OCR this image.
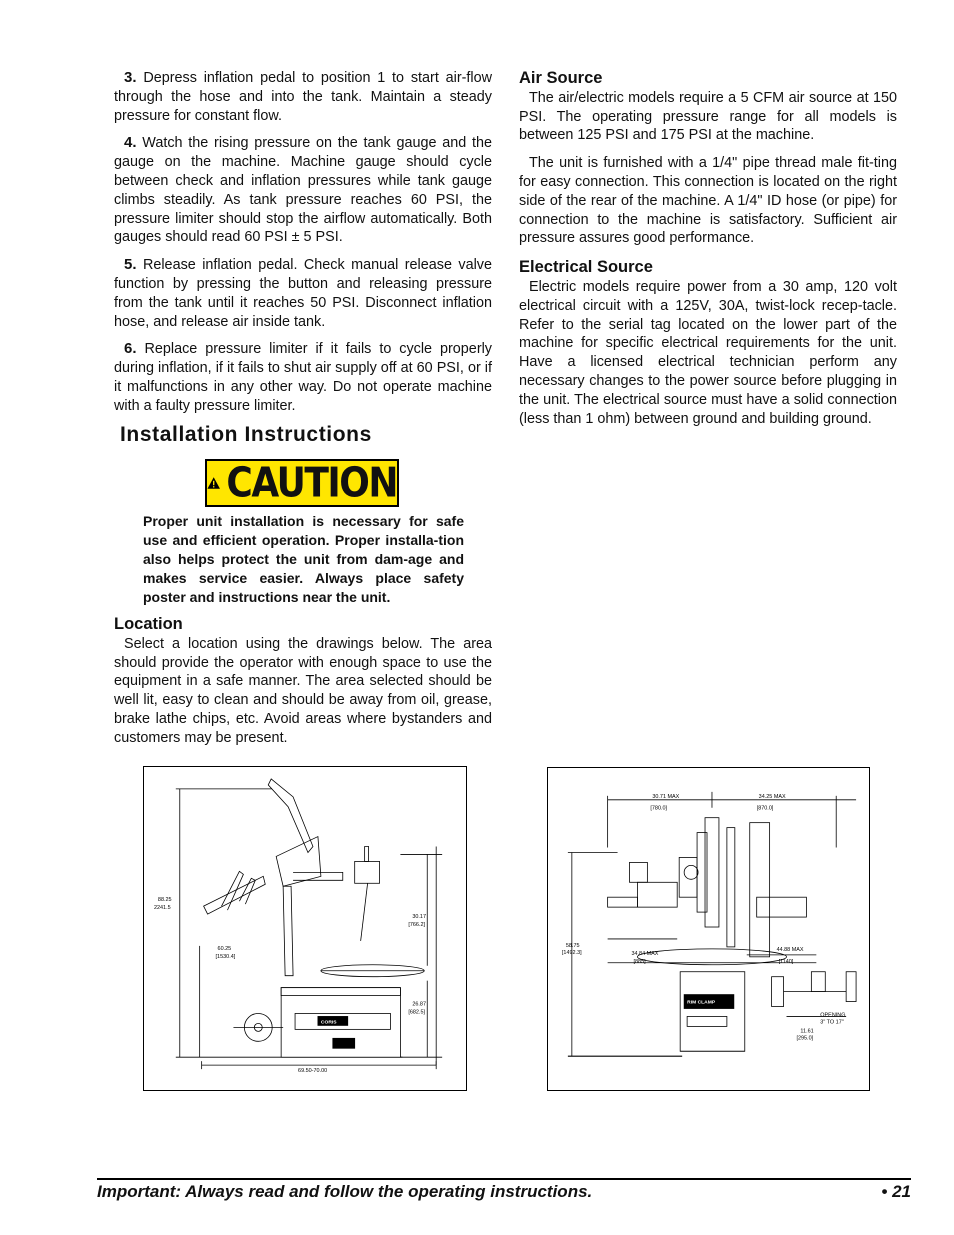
3. Depress inflation pedal to position 1 to start air-flow through the hose and into the tank. Maintain a steady pressure for constant flow.

4. Watch the rising pressure on the tank gauge and the gauge on the machine. Machine gauge should cycle between check and inflation pressures while tank gauge climbs steadily. As tank pressure reaches 60 PSI, the pressure limiter should stop the airflow automatically. Both gauges should read 60 PSI ± 5 PSI.

5. Release inflation pedal. Check manual release valve function by pressing the button and releasing pressure from the tank until it reaches 50 PSI. Disconnect inflation hose, and release air inside tank.

6. Replace pressure limiter if it fails to cycle properly during inflation, if it fails to shut air supply off at 60 PSI, or if it malfunctions in any other way. Do not operate machine with a faulty pressure limiter.

Installation Instructions
CAUTION
Proper unit installation is necessary for safe use and efficient operation. Proper installa-tion also helps protect the unit from dam-age and makes service easier. Always place safety poster and instructions near the unit.
Location

Select a location using the drawings below. The area should provide the operator with enough space to use the equipment in a safe manner. The area selected should be well lit, easy to clean and should be away from oil, grease, brake lathe chips, etc. Avoid areas where bystanders and customers may be present.

Air Source

The air/electric models require a 5 CFM air source at 150 PSI. The operating pressure range for all models is between 125 PSI and 175 PSI at the machine.

The unit is furnished with a 1/4" pipe thread male fit-ting for easy connection. This connection is located on the right side of the rear of the machine. A 1/4" ID hose (or pipe) for connection to the machine is satisfactory. Sufficient air pressure assures good performance.

Electrical Source

Electric models require power from a 30 amp, 120 volt electrical circuit with a 125V, 30A, twist-lock recep-tacle. Refer to the serial tag located on the lower part of the machine for specific electrical requirements for the unit. Have a licensed electrical technician perform any necessary changes to the power source before plugging in the unit. The electrical source must have a solid connection (less than 1 ohm) between ground and building ground.

88.25
2241.5
60.25
[1530.4]
30.17
[766.2]
26.87
[682.5]
69.50-70.00
CORIS
30.71 MAX
[780.0]
34.25 MAX
[870.0]
58.75
[1492.3]	34.84 MAX
[885]
44.88 MAX
[1140]
OPENING
3" TO 17"
11.61
[295.0]
RIM CLAMP
Important: Always read and follow the operating instructions.	• 21
